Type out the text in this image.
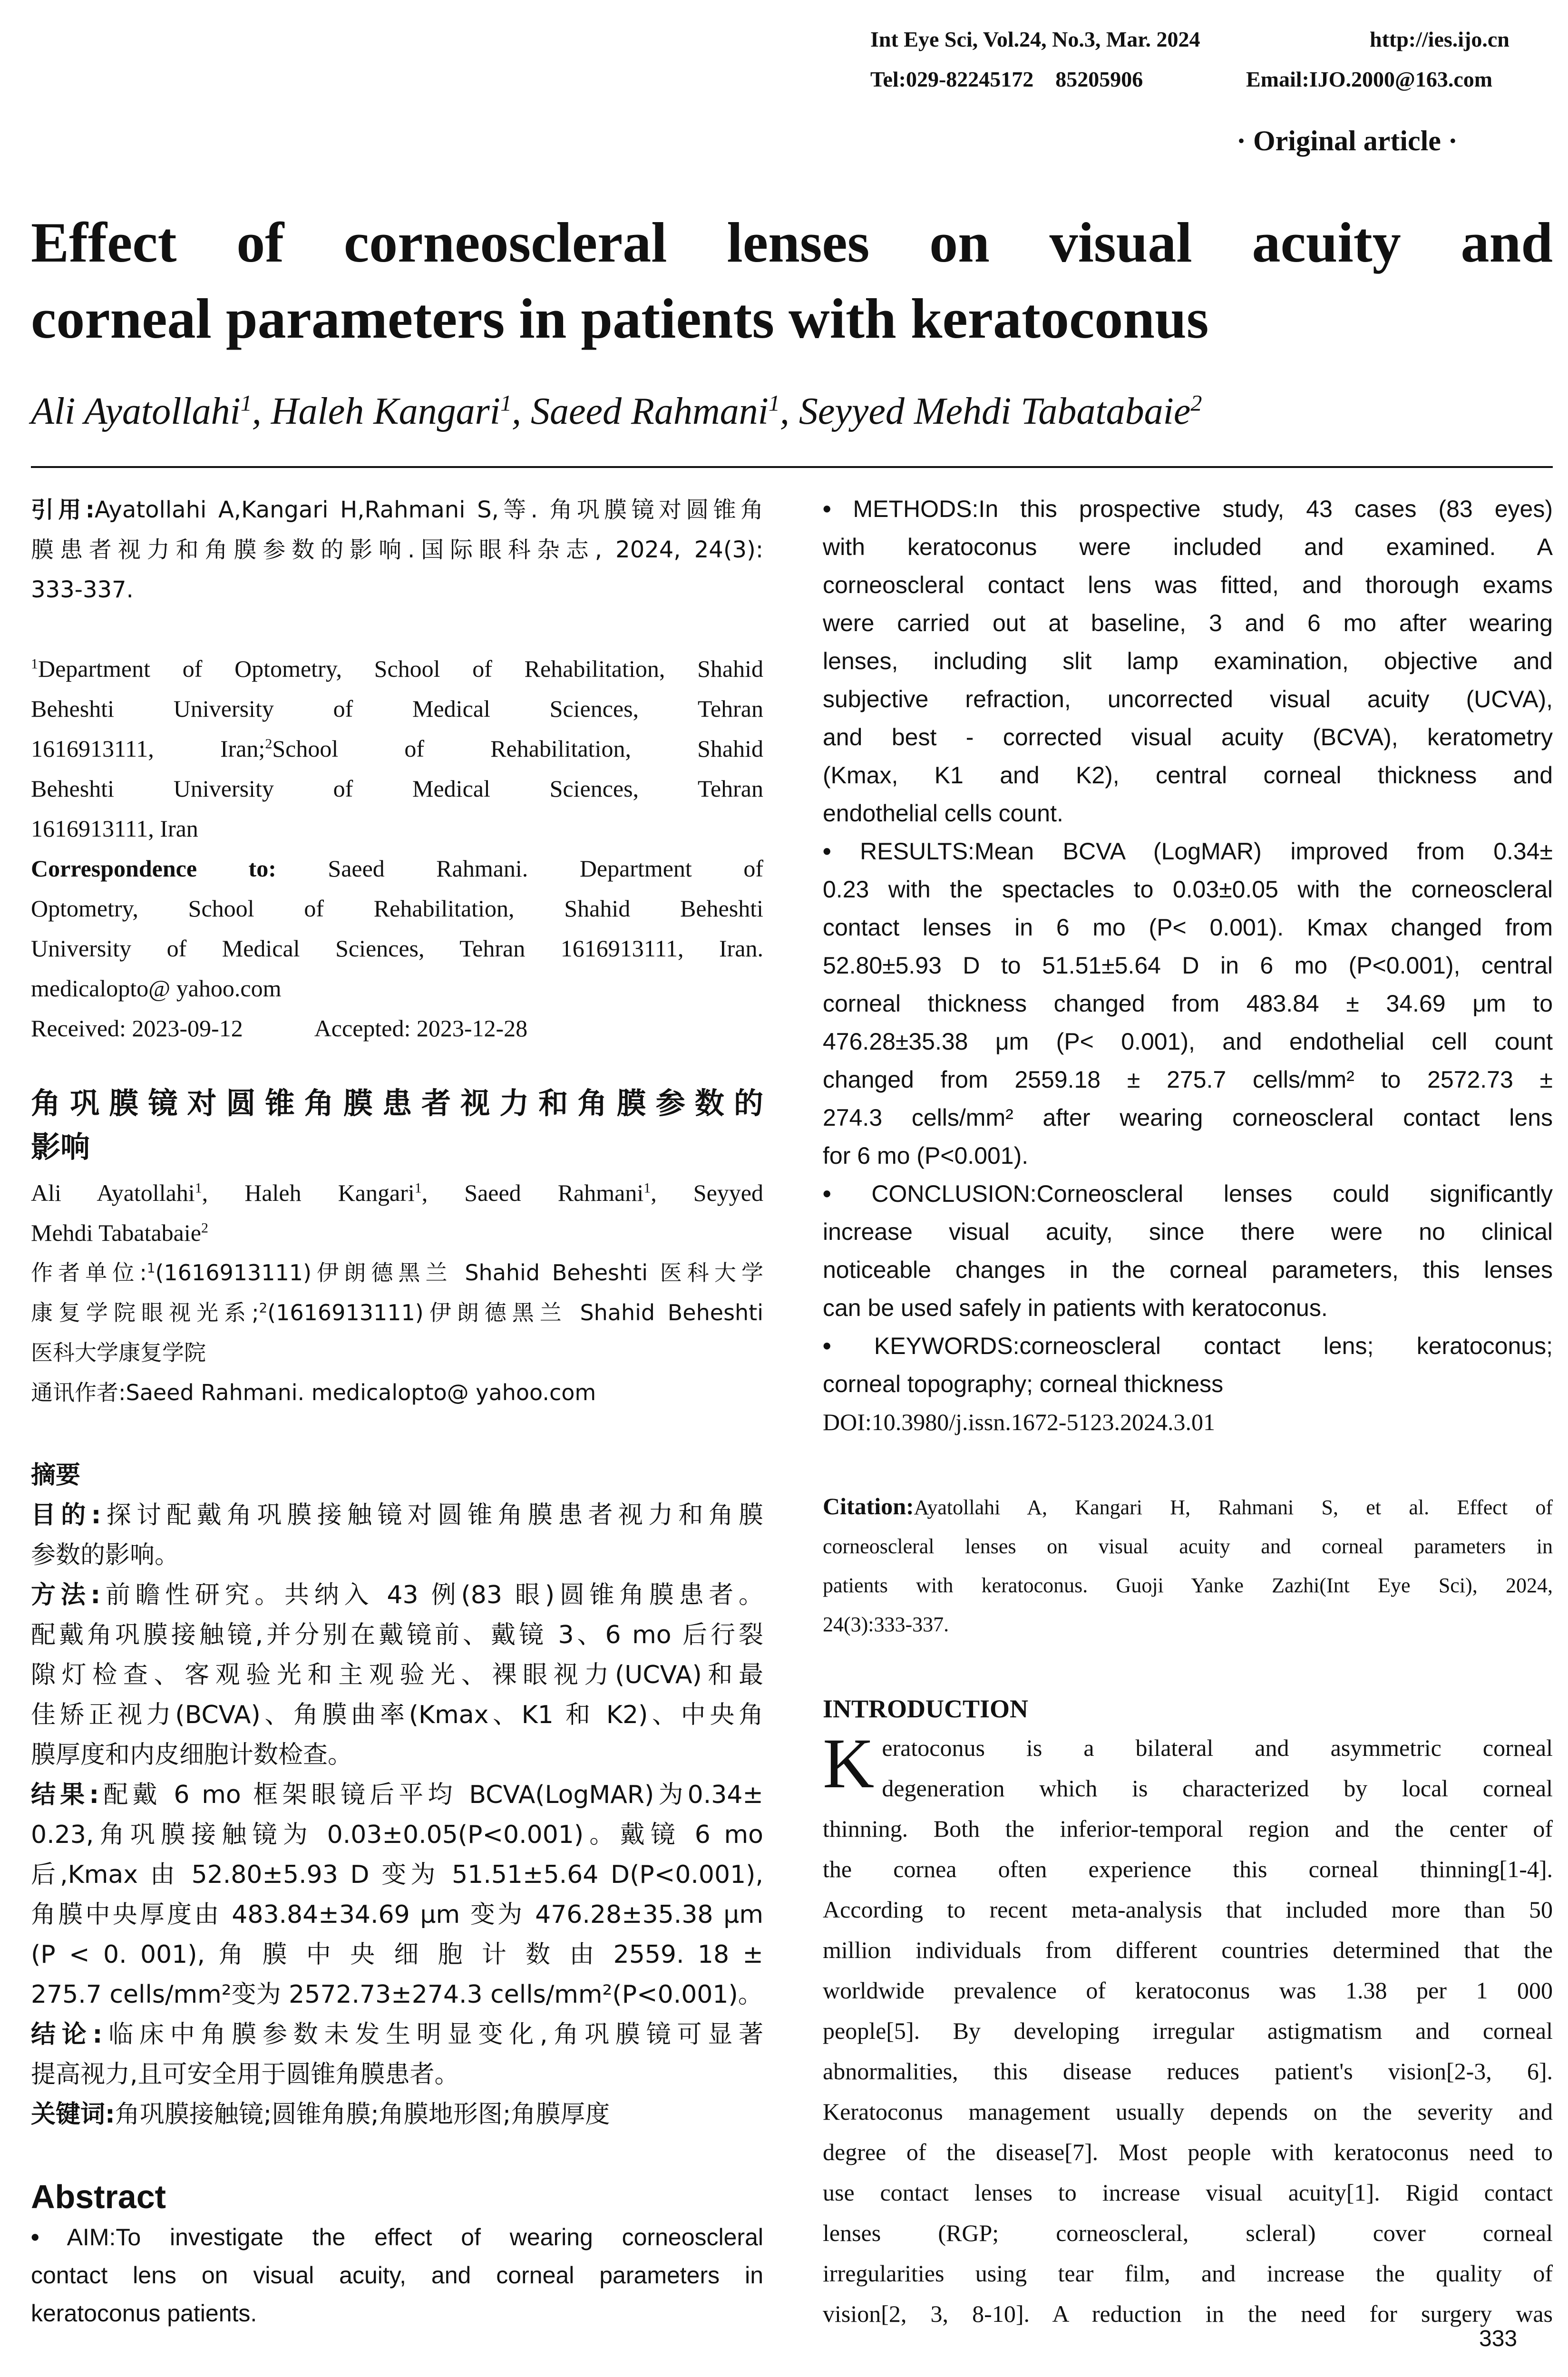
Int Eye Sci, Vol.24, No.3, Mar. 2024	http://ies.ijo.cn
Tel:029-82245172    85205906	Email:IJO.2000@163.com
· Original article ·
Effect of corneoscleral lenses on visual acuity and
corneal parameters in patients with keratoconus
Ali Ayatollahi$^1$, Haleh Kangari$^1$, Saeed Rahmani$^1$, Seyyed Mehdi Tabatabaie$^2$
引用:Ayatollahi A,Kangari H,Rahmani S,等. 角巩膜镜对圆锥角
膜患者视力和角膜参数的影响.国际眼科杂志, 2024, 24(3):
333-337.
$^1$Department of Optometry, School of Rehabilitation, Shahid
Beheshti University of Medical Sciences, Tehran
1616913111, Iran;$^2$School of Rehabilitation, Shahid
Beheshti University of Medical Sciences, Tehran
1616913111, Iran
Correspondence to: Saeed Rahmani. Department of
Optometry, School of Rehabilitation, Shahid Beheshti
University of Medical Sciences, Tehran 1616913111, Iran.
medicalopto@ yahoo.com
Received: 2023-09-12	Accepted: 2023-12-28
角巩膜镜对圆锥角膜患者视力和角膜参数的
影响
Ali Ayatollahi$^1$, Haleh Kangari$^1$, Saeed Rahmani$^1$, Seyyed
Mehdi Tabatabaie$^2$
作者单位:$^1$(1616913111)伊朗德黑兰 Shahid Beheshti 医科大学
康复学院眼视光系;$^2$(1616913111)伊朗德黑兰 Shahid Beheshti
医科大学康复学院
通讯作者:Saeed Rahmani. medicalopto@ yahoo.com
摘要
目的:探讨配戴角巩膜接触镜对圆锥角膜患者视力和角膜
参数的影响。
方法:前瞻性研究。共纳入 43 例(83 眼)圆锥角膜患者。
配戴角巩膜接触镜,并分别在戴镜前、戴镜 3、6 mo 后行裂
隙灯检查、客观验光和主观验光、裸眼视力(UCVA)和最
佳矫正视力(BCVA)、角膜曲率(Kmax、K1 和 K2)、中央角
膜厚度和内皮细胞计数检查。
结果:配戴 6 mo 框架眼镜后平均 BCVA(LogMAR)为0.34±
0.23,角巩膜接触镜为 0.03±0.05(P<0.001)。戴镜 6 mo
后,Kmax 由 52.80±5.93 D 变为 51.51±5.64 D(P<0.001),
角膜中央厚度由 483.84±34.69 μm 变为 476.28±35.38 μm
(P < 0. 001), 角 膜 中 央 细 胞 计 数 由 2559. 18 ±
275.7 cells/mm²变为 2572.73±274.3 cells/mm²(P<0.001)。
结论:临床中角膜参数未发生明显变化,角巩膜镜可显著
提高视力,且可安全用于圆锥角膜患者。
关键词:角巩膜接触镜;圆锥角膜;角膜地形图;角膜厚度
Abstract
• AIM:To investigate the effect of wearing corneoscleral
contact lens on visual acuity, and corneal parameters in
keratoconus patients.
• METHODS:In this prospective study, 43 cases (83 eyes)
with keratoconus were included and examined. A
corneoscleral contact lens was fitted, and thorough exams
were carried out at baseline, 3 and 6 mo after wearing
lenses, including slit lamp examination, objective and
subjective refraction, uncorrected visual acuity (UCVA),
and best - corrected visual acuity (BCVA), keratometry
(Kmax, K1 and K2), central corneal thickness and
endothelial cells count.
• RESULTS:Mean BCVA (LogMAR) improved from 0.34±
0.23 with the spectacles to 0.03±0.05 with the corneoscleral
contact lenses in 6 mo (P< 0.001). Kmax changed from
52.80±5.93 D to 51.51±5.64 D in 6 mo (P<0.001), central
corneal thickness changed from 483.84 ± 34.69 μm to
476.28±35.38 μm (P< 0.001), and endothelial cell count
changed from 2559.18 ± 275.7 cells/mm² to 2572.73 ±
274.3 cells/mm² after wearing corneoscleral contact lens
for 6 mo (P<0.001).
• CONCLUSION:Corneoscleral lenses could significantly
increase visual acuity, since there were no clinical
noticeable changes in the corneal parameters, this lenses
can be used safely in patients with keratoconus.
• KEYWORDS:corneoscleral contact lens; keratoconus;
corneal topography; corneal thickness
DOI:10.3980/j.issn.1672-5123.2024.3.01
Citation:Ayatollahi A, Kangari H, Rahmani S, et al. Effect of
corneoscleral lenses on visual acuity and corneal parameters in
patients with keratoconus. Guoji Yanke Zazhi(Int Eye Sci), 2024,
24(3):333-337.
INTRODUCTION
K eratoconus is a bilateral and asymmetric corneal
degeneration which is characterized by local corneal
thinning. Both the inferior-temporal region and the center of
the cornea often experience this corneal thinning[1-4].
According to recent meta-analysis that included more than 50
million individuals from different countries determined that the
worldwide prevalence of keratoconus was 1.38 per 1 000
people[5]. By developing irregular astigmatism and corneal
abnormalities, this disease reduces patient's vision[2-3, 6].
Keratoconus management usually depends on the severity and
degree of the disease[7]. Most people with keratoconus need to
use contact lenses to increase visual acuity[1]. Rigid contact
lenses (RGP; corneoscleral, scleral) cover corneal
irregularities using tear film, and increase the quality of
vision[2, 3, 8-10]. A reduction in the need for surgery was
333
